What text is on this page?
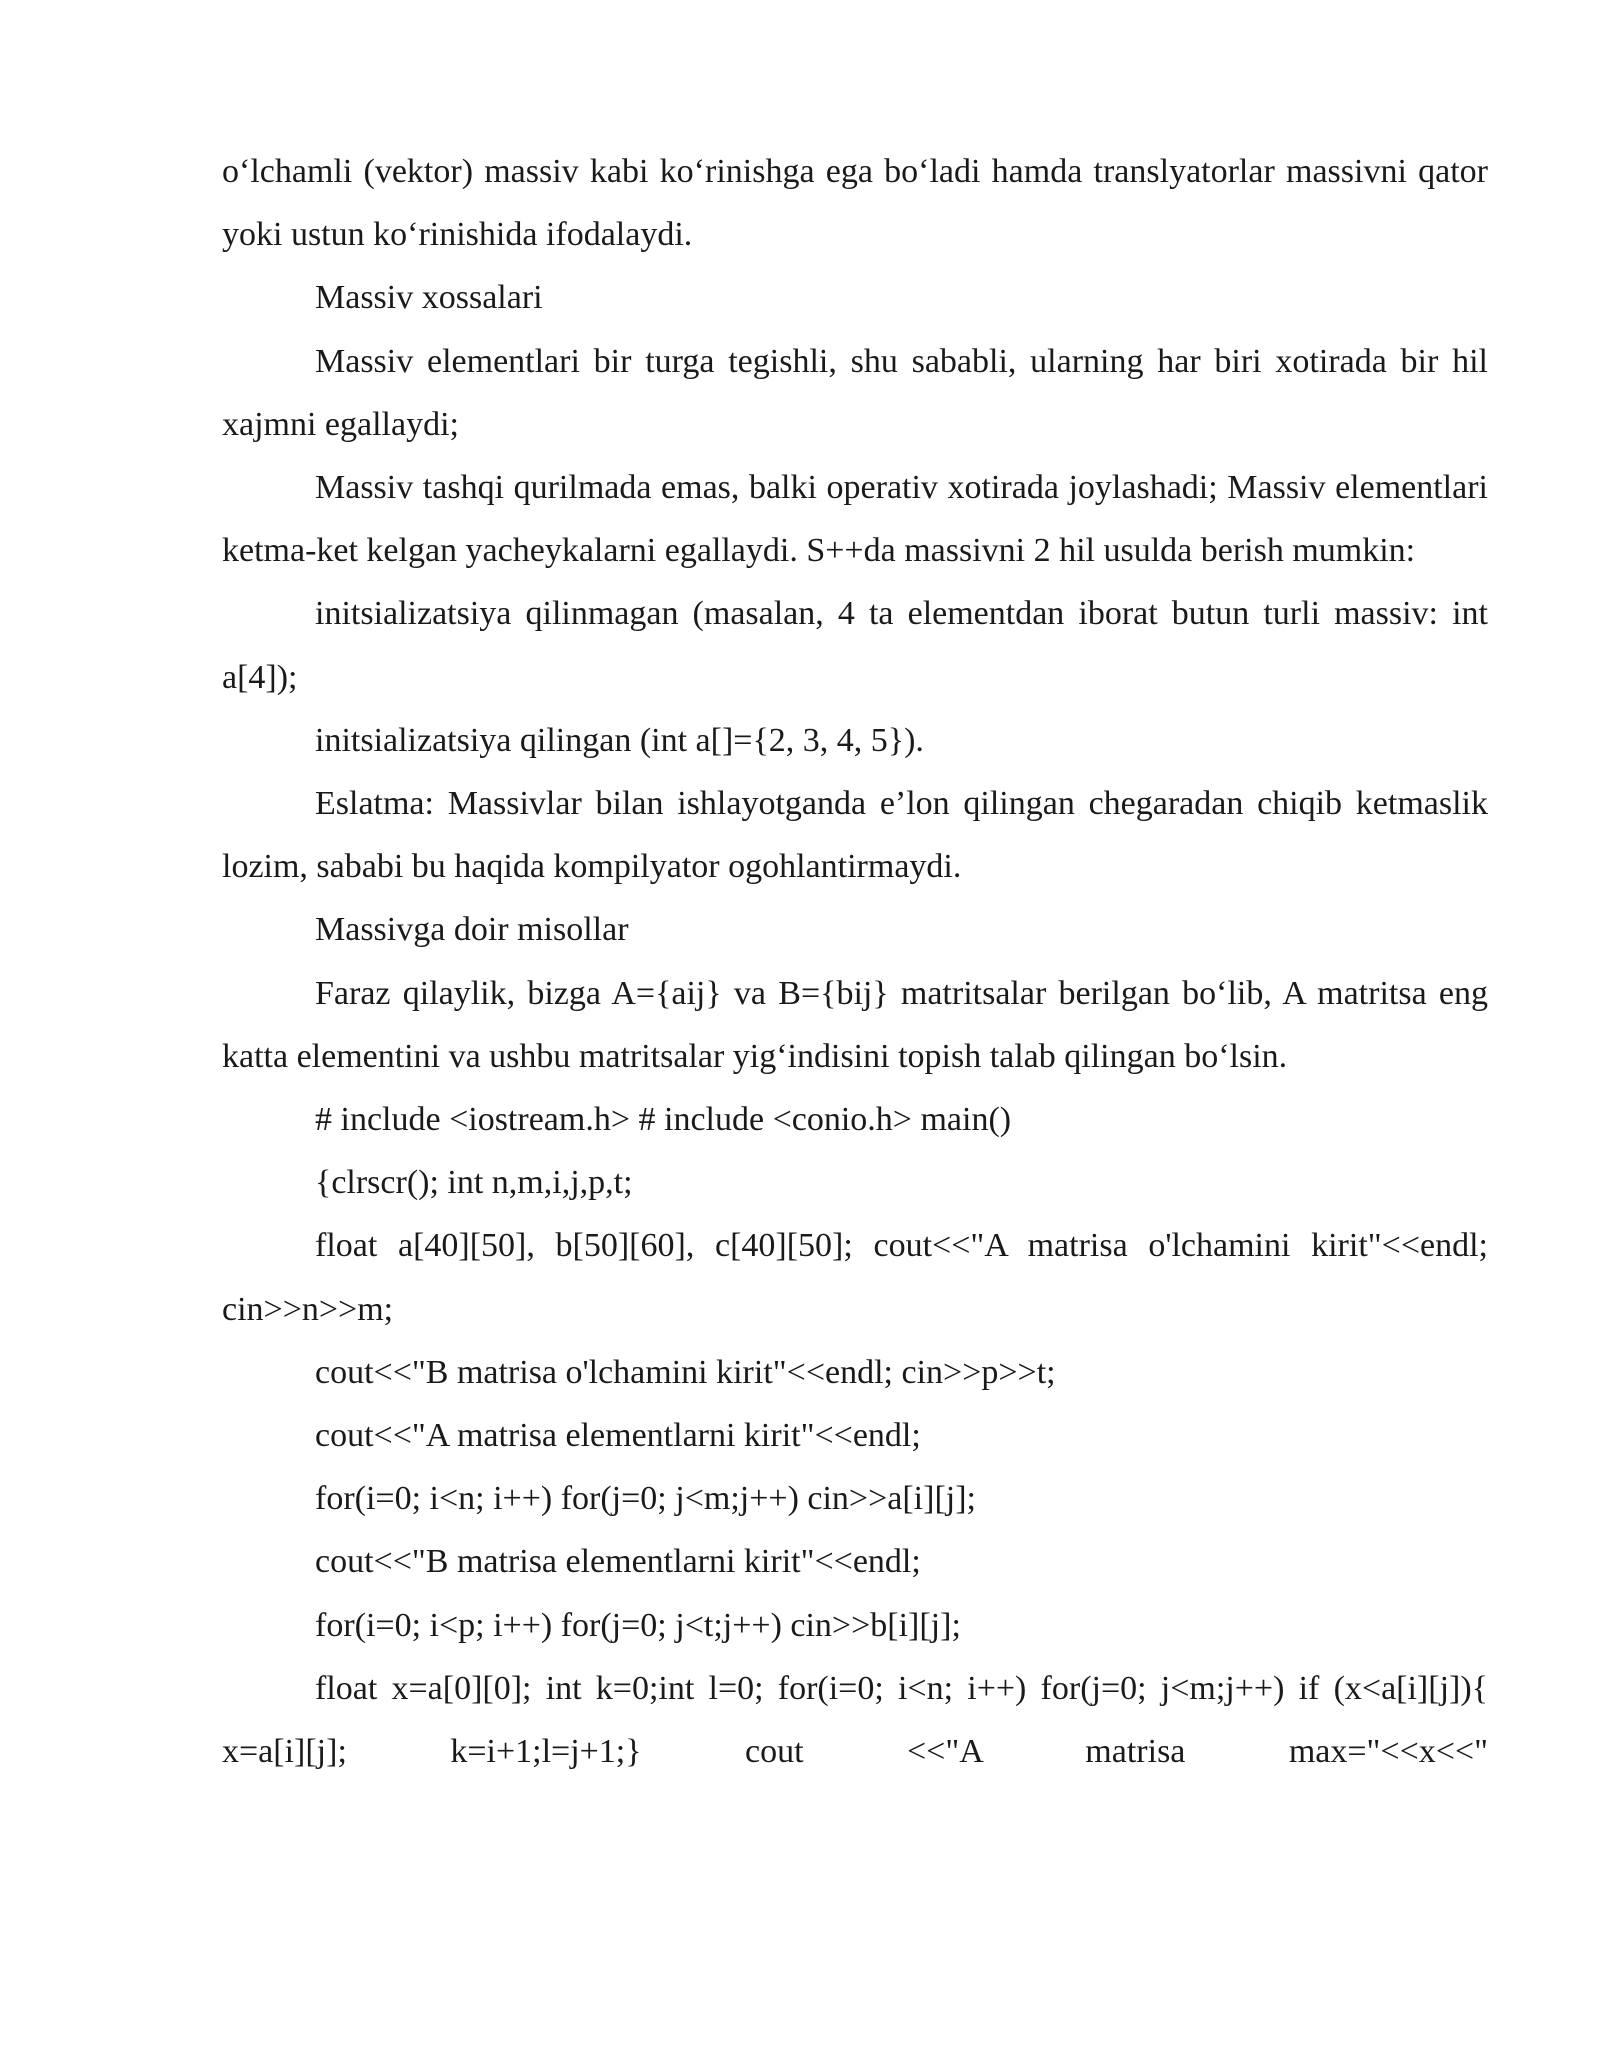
o‘lchamli (vektor) massiv kabi ko‘rinishga ega bo‘ladi hamda translyatorlar massivni qator yoki ustun ko‘rinishida ifodalaydi.

Massiv xossalari

Massiv elementlari bir turga tegishli, shu sababli, ularning har biri xotirada bir hil xajmni egallaydi;

Massiv tashqi qurilmada emas, balki operativ xotirada joylashadi; Massiv elementlari ketma-ket kelgan yacheykalarni egallaydi. S++da massivni 2 hil usulda berish mumkin:

initsializatsiya qilinmagan (masalan, 4 ta elementdan iborat butun turli massiv: int a[4]);

initsializatsiya qilingan (int a[]={2, 3, 4, 5}).

Eslatma: Massivlar bilan ishlayotganda e’lon qilingan chegaradan chiqib ketmaslik lozim, sababi bu haqida kompilyator ogohlantirmaydi.

Massivga doir misollar

Faraz qilaylik, bizga A={aij} va B={bij} matritsalar berilgan bo‘lib, A matritsa eng katta elementini va ushbu matritsalar yig‘indisini topish talab qilingan bo‘lsin.

# include <iostream.h> # include <conio.h> main()

{clrscr(); int n,m,i,j,p,t;

float a[40][50], b[50][60], c[40][50]; cout<<"A matrisa o'lchamini kirit"<<endl; cin>>n>>m;

cout<<"B matrisa o'lchamini kirit"<<endl; cin>>p>>t;

cout<<"A matrisa elementlarni kirit"<<endl;

for(i=0; i<n; i++) for(j=0; j<m;j++) cin>>a[i][j];

cout<<"B matrisa elementlarni kirit"<<endl;

for(i=0; i<p; i++) for(j=0; j<t;j++) cin>>b[i][j];

float x=a[0][0]; int k=0;int l=0; for(i=0; i<n; i++) for(j=0; j<m;j++) if (x<a[i][j]){ x=a[i][j]; k=i+1;l=j+1;} cout <<"A matrisa max="<<x<<"
